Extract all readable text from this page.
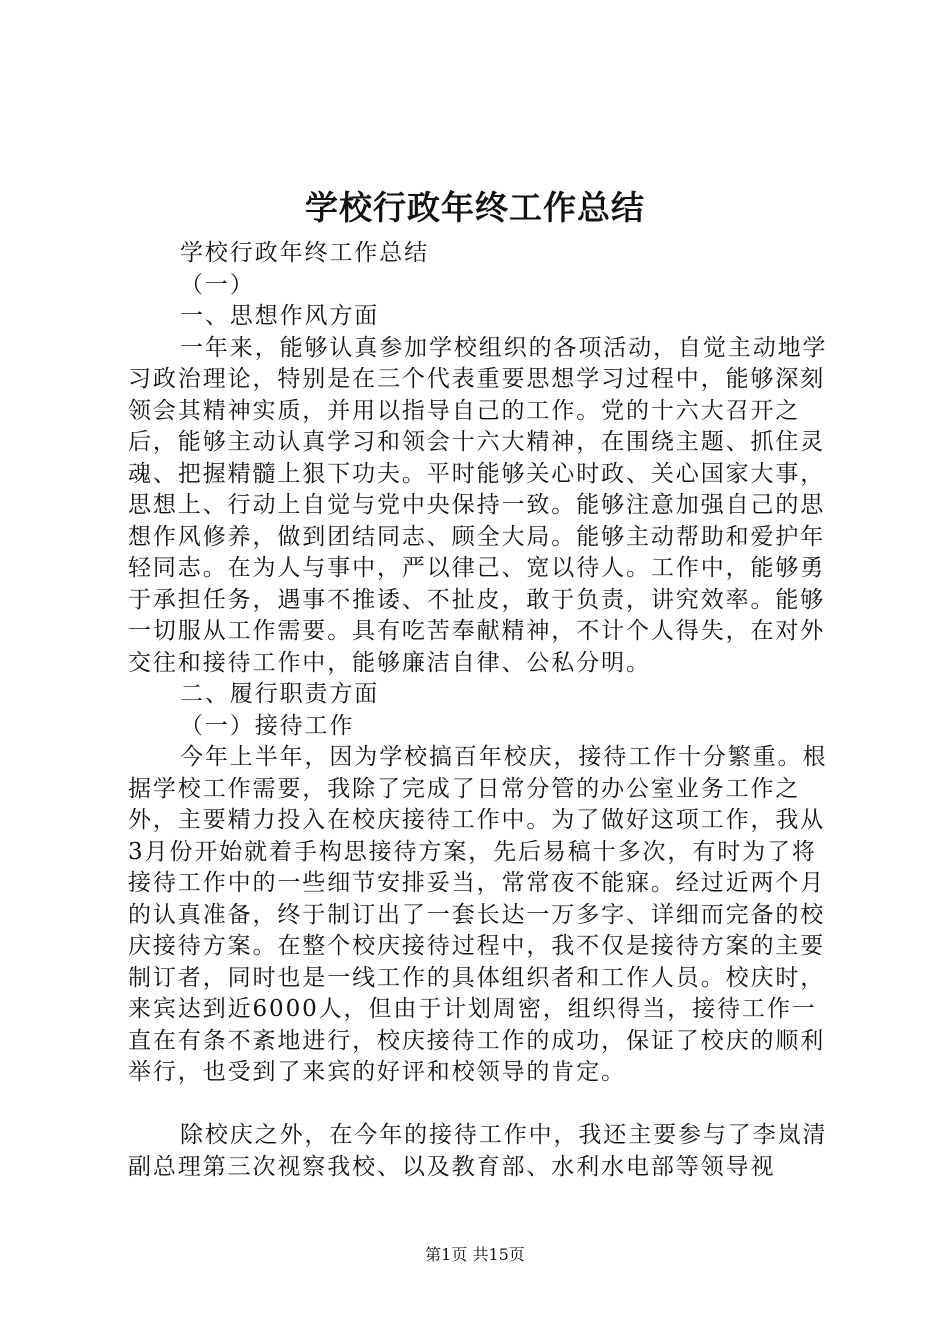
学校行政年终工作总结

学校行政年终工作总结

（一）

一、思想作风方面

一年来，能够认真参加学校组织的各项活动，自觉主动地学习政治理论，特别是在三个代表重要思想学习过程中，能够深刻领会其精神实质，并用以指导自己的工作。党的十六大召开之后，能够主动认真学习和领会十六大精神，在围绕主题、抓住灵魂、把握精髓上狠下功夫。平时能够关心时政、关心国家大事，思想上、行动上自觉与党中央保持一致。能够注意加强自己的思想作风修养，做到团结同志、顾全大局。能够主动帮助和爱护年轻同志。在为人与事中，严以律己、宽以待人。工作中，能够勇于承担任务，遇事不推诿、不扯皮，敢于负责，讲究效率。能够一切服从工作需要。具有吃苦奉献精神，不计个人得失，在对外交往和接待工作中，能够廉洁自律、公私分明。

二、履行职责方面

（一）接待工作

今年上半年，因为学校搞百年校庆，接待工作十分繁重。根据学校工作需要，我除了完成了日常分管的办公室业务工作之外，主要精力投入在校庆接待工作中。为了做好这项工作，我从3月份开始就着手构思接待方案，先后易稿十多次，有时为了将接待工作中的一些细节安排妥当，常常夜不能寐。经过近两个月的认真准备，终于制订出了一套长达一万多字、详细而完备的校庆接待方案。在整个校庆接待过程中，我不仅是接待方案的主要制订者，同时也是一线工作的具体组织者和工作人员。校庆时，来宾达到近6000人，但由于计划周密，组织得当，接待工作一直在有条不紊地进行，校庆接待工作的成功，保证了校庆的顺利举行，也受到了来宾的好评和校领导的肯定。

除校庆之外，在今年的接待工作中，我还主要参与了李岚清副总理第三次视察我校、以及教育部、水利水电部等领导视

第1页 共15页
